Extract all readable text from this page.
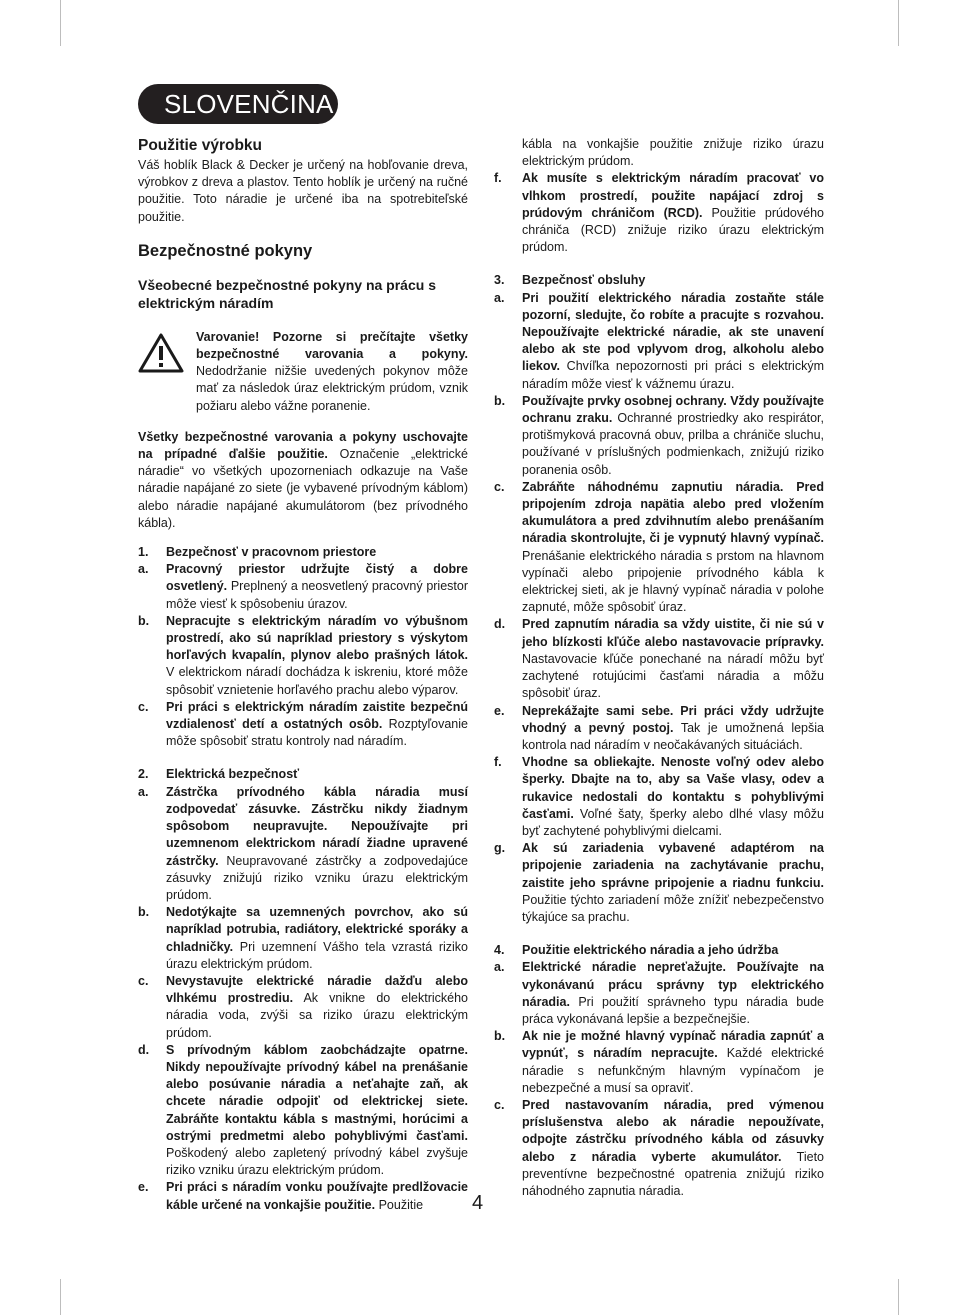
SLOVENČINA
Použitie výrobku

Váš hoblík Black & Decker je určený na hobľovanie dreva, výrobkov z dreva a plastov. Tento hoblík je určený na ručné použitie. Toto náradie je určené iba na spotrebiteľské použitie.

Bezpečnostné pokyny
Všeobecné bezpečnostné pokyny na prácu s elektrickým náradím

Varovanie! Pozorne si prečítajte všetky bezpečnostné varovania a pokyny. Nedodržanie nižšie uvedených pokynov môže mať za následok úraz elektrickým prúdom, vznik požiaru alebo vážne poranenie.

Všetky bezpečnostné varovania a pokyny uschovajte na prípadné ďalšie použitie. Označenie „elektrické náradie“ vo všetkých upozorneniach odkazuje na Vaše náradie napájané zo siete (je vybavené prívodným káblom) alebo náradie napájané akumulátorom (bez prívodného kábla).

1.	Bezpečnosť v pracovnom priestore
a.	Pracovný priestor udržujte čistý a dobre osvetlený. Preplnený a neosvetlený pracovný priestor môže viesť k spôsobeniu úrazov.

b.	Nepracujte s elektrickým náradím vo výbušnom prostredí, ako sú napríklad priestory s výskytom horľavých kvapalín, plynov alebo prašných látok. V elektrickom náradí dochádza k iskreniu, ktoré môže spôsobiť vznietenie horľavého prachu alebo výparov.

c.	Pri práci s elektrickým náradím zaistite bezpečnú vzdialenosť detí a ostatných osôb. Rozptyľovanie môže spôsobiť stratu kontroly nad náradím.

2.	Elektrická bezpečnosť
a.	Zástrčka prívodného kábla náradia musí zodpovedať zásuvke. Zástrčku nikdy žiadnym spôsobom neupravujte. Nepoužívajte pri uzemnenom elektrickom náradí žiadne upravené zástrčky. Neupravované zástrčky a zodpovedajúce zásuvky znižujú riziko vzniku úrazu elektrickým prúdom.

b.	Nedotýkajte sa uzemnených povrchov, ako sú napríklad potrubia, radiátory, elektrické sporáky a chladničky. Pri uzemnení Vášho tela vzrastá riziko úrazu elektrickým prúdom.

c.	Nevystavujte elektrické náradie dažďu alebo vlhkému prostrediu. Ak vnikne do elektrického náradia voda, zvýši sa riziko úrazu elektrickým prúdom.

d.	S prívodným káblom zaobchádzajte opatrne. Nikdy nepoužívajte prívodný kábel na prenášanie alebo posúvanie náradia a neťahajte zaň, ak chcete náradie odpojiť od elektrickej siete. Zabráňte kontaktu kábla s mastnými, horúcimi a ostrými predmetmi alebo pohyblivými časťami. Poškodený alebo zapletený prívodný kábel zvyšuje riziko vzniku úrazu elektrickým prúdom.

e.	Pri práci s náradím vonku používajte predlžovacie káble určené na vonkajšie použitie. Použitie

kábla na vonkajšie použitie znižuje riziko úrazu elektrickým prúdom.

f.	Ak musíte s elektrickým náradím pracovať vo vlhkom prostredí, použite napájací zdroj s prúdovým chráničom (RCD). Použitie prúdového chrániča (RCD) znižuje riziko úrazu elektrickým prúdom.

3.	Bezpečnosť obsluhy
a.	Pri použití elektrického náradia zostaňte stále pozorní, sledujte, čo robíte a pracujte s rozvahou. Nepoužívajte elektrické náradie, ak ste unavení alebo ak ste pod vplyvom drog, alkoholu alebo liekov. Chvíľka nepozornosti pri práci s elektrickým náradím môže viesť k vážnemu úrazu.

b.	Používajte prvky osobnej ochrany. Vždy používajte ochranu zraku. Ochranné prostriedky ako respirátor, protišmyková pracovná obuv, prilba a chrániče sluchu, používané v príslušných podmienkach, znižujú riziko poranenia osôb.

c.	Zabráňte náhodnému zapnutiu náradia. Pred pripojením zdroja napätia alebo pred vložením akumulátora a pred zdvihnutím alebo prenášaním náradia skontrolujte, či je vypnutý hlavný vypínač. Prenášanie elektrického náradia s prstom na hlavnom vypínači alebo pripojenie prívodného kábla k elektrickej sieti, ak je hlavný vypínač náradia v polohe zapnuté, môže spôsobiť úraz.

d.	Pred zapnutím náradia sa vždy uistite, či nie sú v jeho blízkosti kľúče alebo nastavovacie prípravky. Nastavovacie kľúče ponechané na náradí môžu byť zachytené rotujúcimi časťami náradia a môžu spôsobiť úraz.

e.	Neprekážajte sami sebe. Pri práci vždy udržujte vhodný a pevný postoj. Tak je umožnená lepšia kontrola nad náradím v neočakávaných situáciách.

f.	Vhodne sa obliekajte. Nenoste voľný odev alebo šperky. Dbajte na to, aby sa Vaše vlasy, odev a rukavice nedostali do kontaktu s pohyblivými časťami. Voľné šaty, šperky alebo dlhé vlasy môžu byť zachytené pohyblivými dielcami.

g.	Ak sú zariadenia vybavené adaptérom na pripojenie zariadenia na zachytávanie prachu, zaistite jeho správne pripojenie a riadnu funkciu. Použitie týchto zariadení môže znížiť nebezpečenstvo týkajúce sa prachu.

4.	Použitie elektrického náradia a jeho údržba
a.	Elektrické náradie nepreťažujte. Používajte na vykonávanú prácu správny typ elektrického náradia. Pri použití správneho typu náradia bude práca vykonávaná lepšie a bezpečnejšie.

b.	Ak nie je možné hlavný vypínač náradia zapnúť a vypnúť, s náradím nepracujte. Každé elektrické náradie s nefunkčným hlavným vypínačom je nebezpečné a musí sa opraviť.

c.	Pred nastavovaním náradia, pred výmenou príslušenstva alebo ak náradie nepoužívate, odpojte zástrčku prívodného kábla od zásuvky alebo z náradia vyberte akumulátor. Tieto preventívne bezpečnostné opatrenia znižujú riziko náhodného zapnutia náradia.

4
